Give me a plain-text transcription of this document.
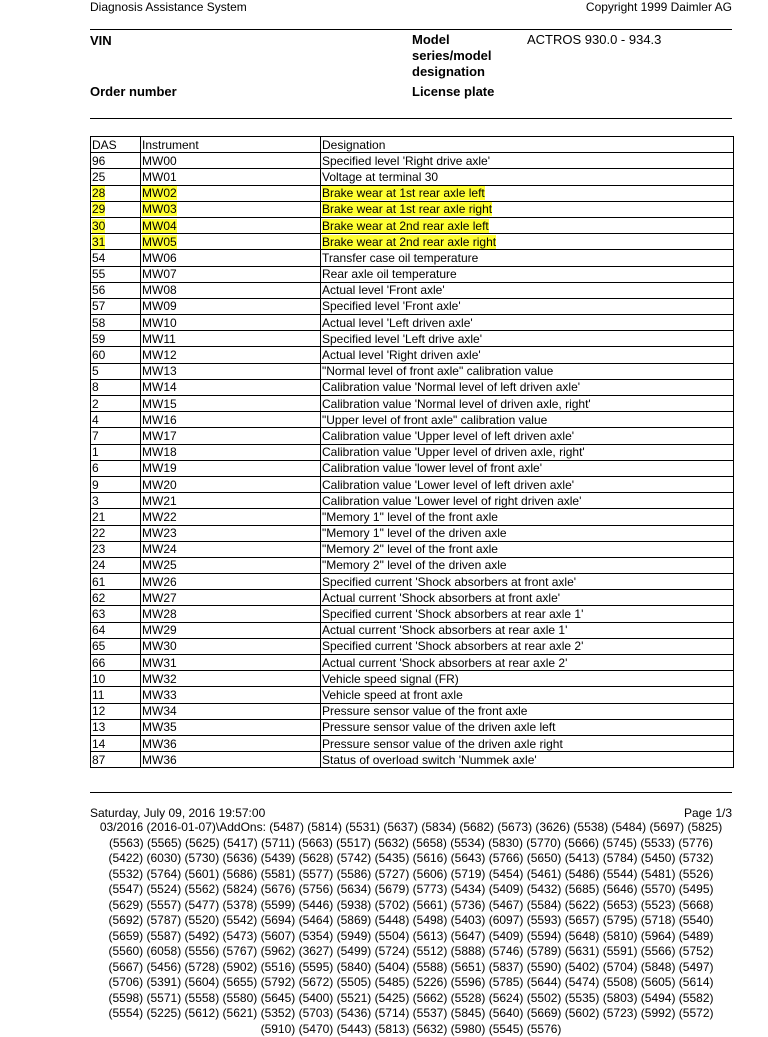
Diagnosis Assistance System	Copyright 1999 Daimler AG
VIN	Model series/model designation
ACTROS 930.0 - 934.3
Order number	License plate
DAS	Instrument	Designation
96	MW00	Specified level 'Right drive axle'
25	MW01	Voltage at terminal 30
28	MW02	Brake wear at 1st rear axle left
29	MW03	Brake wear at 1st rear axle right
30	MW04	Brake wear at 2nd rear axle left
31	MW05	Brake wear at 2nd rear axle right
54	MW06	Transfer case oil temperature
55	MW07	Rear axle oil temperature
56	MW08	Actual level 'Front axle'
57	MW09	Specified level 'Front axle'
58	MW10	Actual level 'Left driven axle'
59	MW11	Specified level 'Left drive axle'
60	MW12	Actual level 'Right driven axle'
5	MW13	"Normal level of front axle" calibration value
8	MW14	Calibration value 'Normal level of left driven axle'
2	MW15	Calibration value 'Normal level of driven axle, right'
4	MW16	"Upper level of front axle" calibration value
7	MW17	Calibration value 'Upper level of left driven axle'
1	MW18	Calibration value 'Upper level of driven axle, right'
6	MW19	Calibration value 'lower level of front axle'
9	MW20	Calibration value 'Lower level of left driven axle'
3	MW21	Calibration value 'Lower level of right driven axle'
21	MW22	"Memory 1" level of the front axle
22	MW23	"Memory 1" level of the driven axle
23	MW24	"Memory 2" level of the front axle
24	MW25	"Memory 2" level of the driven axle
61	MW26	Specified current 'Shock absorbers at front axle'
62	MW27	Actual current 'Shock absorbers at front axle'
63	MW28	Specified current 'Shock absorbers at rear axle 1'
64	MW29	Actual current 'Shock absorbers at rear axle 1'
65	MW30	Specified current 'Shock absorbers at rear axle 2'
66	MW31	Actual current 'Shock absorbers at rear axle 2'
10	MW32	Vehicle speed signal (FR)
11	MW33	Vehicle speed at front axle
12	MW34	Pressure sensor value of the front axle
13	MW35	Pressure sensor value of the driven axle left
14	MW36	Pressure sensor value of the driven axle right
87	MW36	Status of overload switch 'Nummek axle'
Saturday, July 09, 2016 19:57:00	Page 1/3
03/2016 (2016-01-07)\AddOns: (5487) (5814) (5531) (5637) (5834) (5682) (5673) (3626) (5538) (5484) (5697) (5825) (5563) (5565) (5625) (5417) (5711) (5663) (5517) (5632) (5658) (5534) (5830) (5770) (5666) (5745) (5533) (5776) (5422) (6030) (5730) (5636) (5439) (5628) (5742) (5435) (5616) (5643) (5766) (5650) (5413) (5784) (5450) (5732) (5532) (5764) (5601) (5686) (5581) (5577) (5586) (5727) (5606) (5719) (5454) (5461) (5486) (5544) (5481) (5526) (5547) (5524) (5562) (5824) (5676) (5756) (5634) (5679) (5773) (5434) (5409) (5432) (5685) (5646) (5570) (5495) (5629) (5557) (5477) (5378) (5599) (5446) (5938) (5702) (5661) (5736) (5467) (5584) (5622) (5653) (5523) (5668) (5692) (5787) (5520) (5542) (5694) (5464) (5869) (5448) (5498) (5403) (6097) (5593) (5657) (5795) (5718) (5540) (5659) (5587) (5492) (5473) (5607) (5354) (5949) (5504) (5613) (5647) (5409) (5594) (5648) (5810) (5964) (5489) (5560) (6058) (5556) (5767) (5962) (3627) (5499) (5724) (5512) (5888) (5746) (5789) (5631) (5591) (5566) (5752) (5667) (5456) (5728) (5902) (5516) (5595) (5840) (5404) (5588) (5651) (5837) (5590) (5402) (5704) (5848) (5497) (5706) (5391) (5604) (5655) (5792) (5672) (5505) (5485) (5226) (5596) (5785) (5644) (5474) (5508) (5605) (5614) (5598) (5571) (5558) (5580) (5645) (5400) (5521) (5425) (5662) (5528) (5624) (5502) (5535) (5803) (5494) (5582) (5554) (5225) (5612) (5621) (5352) (5703) (5436) (5714) (5537) (5845) (5640) (5669) (5602) (5723) (5992) (5572) (5910) (5470) (5443) (5813) (5632) (5980) (5545) (5576)
